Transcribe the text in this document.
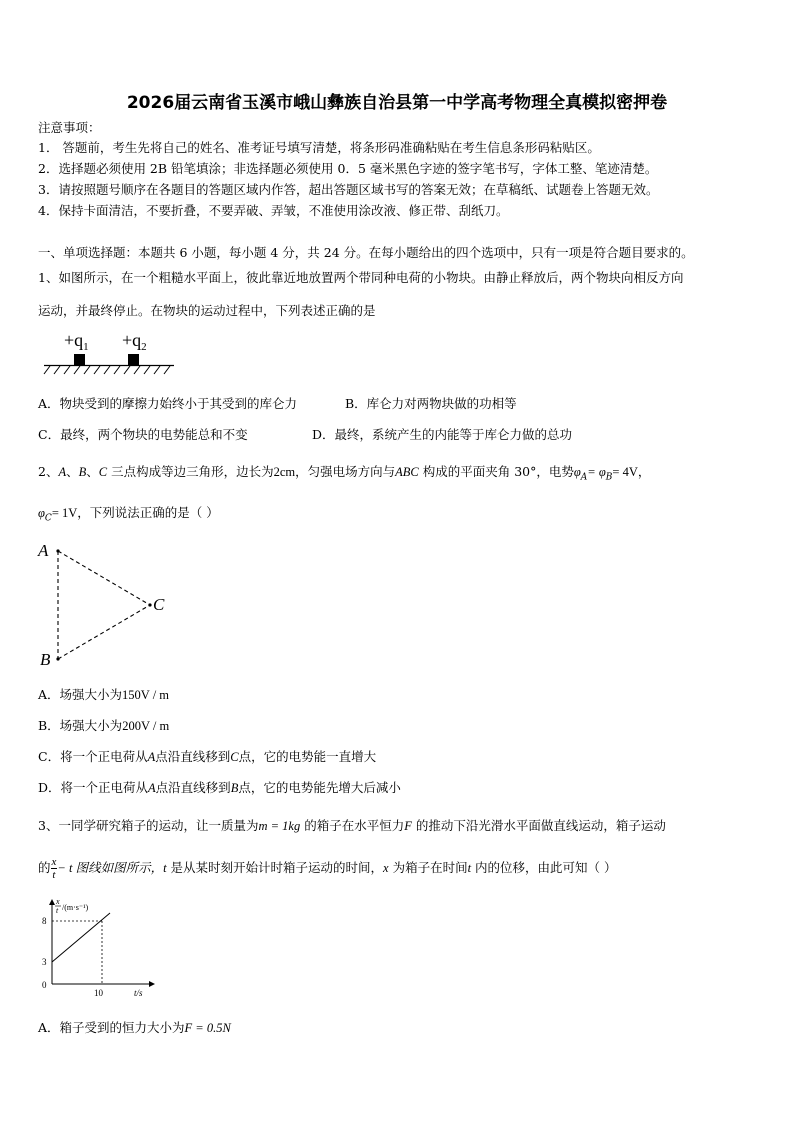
2026届云南省玉溪市峨山彝族自治县第一中学高考物理全真模拟密押卷
注意事项：
1． 答题前，考生先将自己的姓名、准考证号填写清楚，将条形码准确粘贴在考生信息条形码粘贴区。
2．选择题必须使用 2B 铅笔填涂；非选择题必须使用 0．5 毫米黑色字迹的签字笔书写，字体工整、笔迹清楚。
3．请按照题号顺序在各题目的答题区域内作答，超出答题区域书写的答案无效；在草稿纸、试题卷上答题无效。
4．保持卡面清洁，不要折叠，不要弄破、弄皱，不准使用涂改液、修正带、刮纸刀。
一、单项选择题：本题共 6 小题，每小题 4 分，共 24 分。在每小题给出的四个选项中，只有一项是符合题目要求的。
1、如图所示，在一个粗糙水平面上，彼此靠近地放置两个带同种电荷的小物块。由静止释放后，两个物块向相反方向
运动，并最终停止。在物块的运动过程中，下列表述正确的是
$+q_1 +q_2$
A．物块受到的摩擦力始终小于其受到的库仑力	B．库仑力对两物块做的功相等
C．最终，两个物块的电势能总和不变	D．最终，系统产生的内能等于库仑力做的总功
2、A、B、C 三点构成等边三角形，边长为2cm，匀强电场方向与ABC 构成的平面夹角 30°，电势$\varphi_A= \varphi_B= 4V$，
$\varphi_C= 1V$，下列说法正确的是（ ）
A
B
C
A．场强大小为150V / m
B．场强大小为200V / m
C．将一个正电荷从A点沿直线移到C点，它的电势能一直增大
D．将一个正电荷从A点沿直线移到B点，它的电势能先增大后减小
3、一同学研究箱子的运动，让一质量为m = 1kg 的箱子在水平恒力F 的推动下沿光滑水平面做直线运动，箱子运动
的 $\frac{x}{t} - t$ 图线如图所示，t 是从某时刻开始计时箱子运动的时间，x 为箱子在时间t 内的位移，由此可知（ ）
x
t /(m·s⁻¹)
8
3
0
10	t/s
A．箱子受到的恒力大小为F = 0.5N
